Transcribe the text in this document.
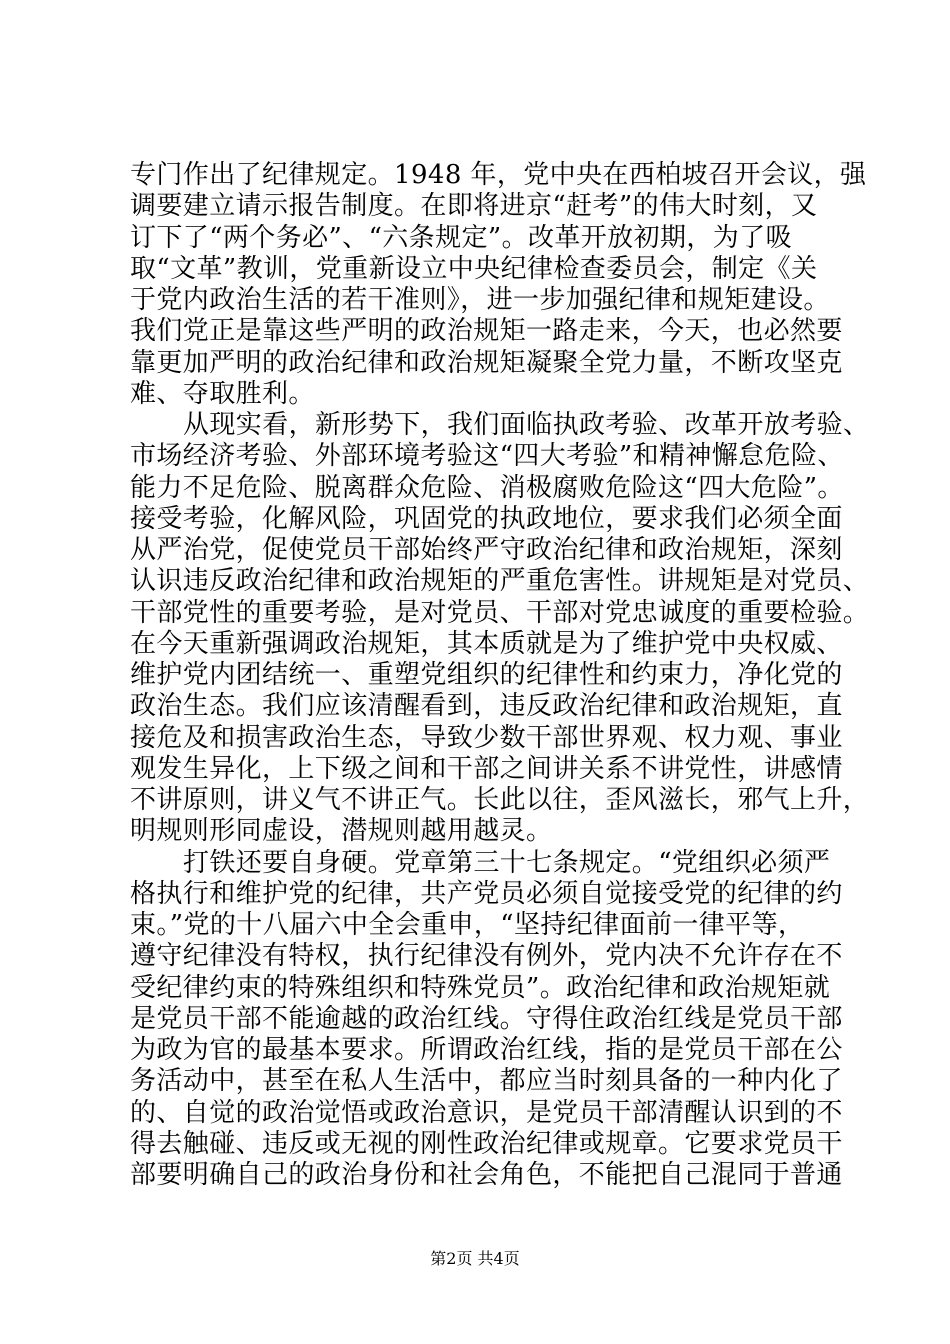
专门作出了纪律规定。1948 年，党中央在西柏坡召开会议，强
调要建立请示报告制度。在即将进京“赶考”的伟大时刻，又
订下了“两个务必”、“六条规定”。改革开放初期，为了吸
取“文革”教训，党重新设立中央纪律检查委员会，制定《关
于党内政治生活的若干准则》，进一步加强纪律和规矩建设。
我们党正是靠这些严明的政治规矩一路走来，今天，也必然要
靠更加严明的政治纪律和政治规矩凝聚全党力量，不断攻坚克
难、夺取胜利。
从现实看，新形势下，我们面临执政考验、改革开放考验、
市场经济考验、外部环境考验这“四大考验”和精神懈怠危险、
能力不足危险、脱离群众危险、消极腐败危险这“四大危险”。
接受考验，化解风险，巩固党的执政地位，要求我们必须全面
从严治党，促使党员干部始终严守政治纪律和政治规矩，深刻
认识违反政治纪律和政治规矩的严重危害性。讲规矩是对党员、
干部党性的重要考验，是对党员、干部对党忠诚度的重要检验。
在今天重新强调政治规矩，其本质就是为了维护党中央权威、
维护党内团结统一、重塑党组织的纪律性和约束力，净化党的
政治生态。我们应该清醒看到，违反政治纪律和政治规矩，直
接危及和损害政治生态，导致少数干部世界观、权力观、事业
观发生异化，上下级之间和干部之间讲关系不讲党性，讲感情
不讲原则，讲义气不讲正气。长此以往，歪风滋长，邪气上升，
明规则形同虚设，潜规则越用越灵。
打铁还要自身硬。党章第三十七条规定。“党组织必须严
格执行和维护党的纪律，共产党员必须自觉接受党的纪律的约
束。”党的十八届六中全会重申，“坚持纪律面前一律平等，
遵守纪律没有特权，执行纪律没有例外，党内决不允许存在不
受纪律约束的特殊组织和特殊党员”。政治纪律和政治规矩就
是党员干部不能逾越的政治红线。守得住政治红线是党员干部
为政为官的最基本要求。所谓政治红线，指的是党员干部在公
务活动中，甚至在私人生活中，都应当时刻具备的一种内化了
的、自觉的政治觉悟或政治意识，是党员干部清醒认识到的不
得去触碰、违反或无视的刚性政治纪律或规章。它要求党员干
部要明确自己的政治身份和社会角色，不能把自己混同于普通
第2页 共4页
